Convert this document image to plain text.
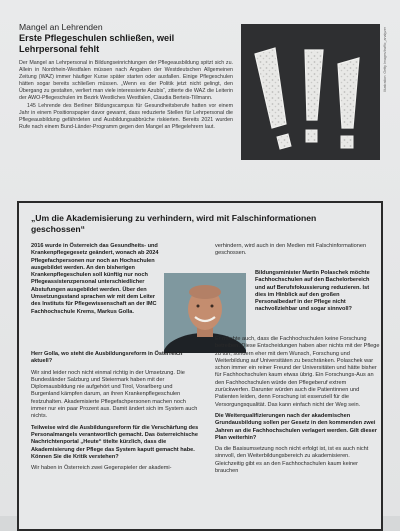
Mangel an Lehrenden
Erste Pflegeschulen schließen, weil Lehrpersonal fehlt

Der Mangel an Lehrpersonal in Bildungseinrichtungen der Pflegeausbildung spitzt sich zu. Allein in Nordrhein-Westfalen müssen nach Angaben der Westdeutschen Allgemeinen Zeitung (WAZ) immer häufiger Kurse später starten oder ausfallen. Einige Pflegeschulen hätten sogar bereits schließen müssen. „Wenn es der Politik jetzt nicht gelingt, den Übergang zu gestalten, verliert man viele interessierte Azubis“, zitierte die WAZ die Leiterin der AWO-Pflegeschulen im Bezirk Westliches Westfalen, Claudia Berteis-Tillmann.

145 Lehrende des Berliner Bildungscampus für Gesundheitsberufe hatten vor einem Jahr in einem Positionspapier davor gewarnt, dass reduzierte Stellen für Lehrpersonal die Pflegeausbildung gefährdeten und Ausbildungsabbrüche riskierten. Bereits 2021 wurden Rufe nach einem Bund-Länder-Programm gegen den Mangel an Pflegelehrern laut.

Illustration: Getty Images/traffic_analyzer
„Um die Akademisierung zu verhindern, wird mit Falschinformationen geschossen“

2016 wurde in Österreich das Gesundheits- und Krankenpflegegesetz geändert, wonach ab 2024 Pflegefachpersonen nur noch an Hochschulen ausgebildet werden. An den bisherigen Krankenpflegeschulen soll künftig nur noch Pflegeassistenzpersonal unterschiedlicher Abstufungen ausgebildet werden. Über den Umsetzungsstand sprachen wir mit dem Leiter des Instituts für Pflegewissenschaft an der IMC Fachhochschule Krems, Markus Golla.

Herr Golla, wo steht die Ausbildungsreform in Österreich aktuell?

Wir sind leider noch nicht einmal richtig in der Umsetzung. Die Bundesländer Salzburg und Steiermark haben mit der Diplomausbildung nie aufgehört und Tirol, Vorarlberg und Burgenland kämpfen darum, an ihren Krankenpflegeschulen festzuhalten. Akademisierte Pflegefachpersonen machen noch immer nur ein paar Prozent aus. Damit ändert sich im System auch nichts.

Teilweise wird die Ausbildungsreform für die Verschärfung des Personalmangels verantwortlich gemacht. Das österreichische Nachrichtenportal „Heute“ titelte kürzlich, dass die Akademisierung der Pflege das System kaputt gemacht habe. Können Sie die Kritik verstehen?

Wir haben in Österreich zwei Gegenspieler der akademi-

verhindern, wird auch in den Medien mit Falschinformationen geschossen.

Bildungsminister Martin Polaschek möchte Fachhochschulen auf den Bachelorbereich und auf Berufsfokussierung reduzieren. Ist dies im Hinblick auf den großen Personalbedarf in der Pflege nicht nachvollziehbar und sogar sinnvoll?

Er möchte auch, dass die Fachhochschulen keine Forschung betreiben. Diese Entscheidungen haben aber nichts mit der Pflege zu tun, sondern eher mit dem Wunsch, Forschung und Weiterbildung auf Universitäten zu beschränken. Polaschek war schon immer ein reiner Freund der Universitäten und hätte bisher für Fachhochschulen kaum etwas übrig. Ein Forschungs-Aus an den Fachhochschulen würde den Pflegeberuf extrem zurückwerfen. Darunter würden auch die Patientinnen und Patienten leiden, denn Forschung ist essenziell für die Versorgungsqualität. Das kann einfach nicht der Weg sein.

Die Weiterqualifizierungen nach der akademischen Grundausbildung sollen per Gesetz in den kommenden zwei Jahren an die Fachhochschulen verlagert werden. Gilt dieser Plan weiterhin?

Da die Basisumsetzung noch nicht erfolgt ist, ist es auch nicht sinnvoll, den Weiterbildungsbereich zu akademisieren. Gleichzeitig gibt es an den Fachhochschulen kaum keiner brauchen
